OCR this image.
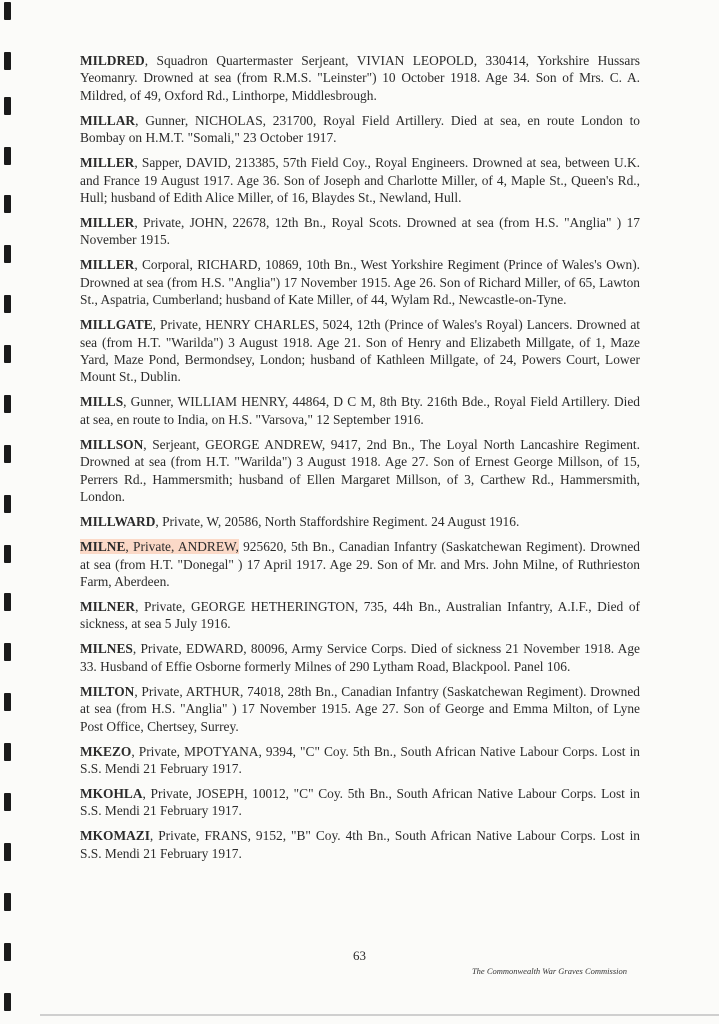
MILDRED, Squadron Quartermaster Serjeant, VIVIAN LEOPOLD, 330414, Yorkshire Hussars Yeomanry. Drowned at sea (from R.M.S. "Leinster") 10 October 1918. Age 34. Son of Mrs. C. A. Mildred, of 49, Oxford Rd., Linthorpe, Middlesbrough.

MILLAR, Gunner, NICHOLAS, 231700, Royal Field Artillery. Died at sea, en route London to Bombay on H.M.T. "Somali," 23 October 1917.

MILLER, Sapper, DAVID, 213385, 57th Field Coy., Royal Engineers. Drowned at sea, between U.K. and France 19 August 1917. Age 36. Son of Joseph and Charlotte Miller, of 4, Maple St., Queen's Rd., Hull; husband of Edith Alice Miller, of 16, Blaydes St., Newland, Hull.

MILLER, Private, JOHN, 22678, 12th Bn., Royal Scots. Drowned at sea (from H.S. "Anglia" ) 17 November 1915.

MILLER, Corporal, RICHARD, 10869, 10th Bn., West Yorkshire Regiment (Prince of Wales's Own). Drowned at sea (from H.S. "Anglia") 17 November 1915. Age 26. Son of Richard Miller, of 65, Lawton St., Aspatria, Cumberland; husband of Kate Miller, of 44, Wylam Rd., Newcastle-on-Tyne.

MILLGATE, Private, HENRY CHARLES, 5024, 12th (Prince of Wales's Royal) Lancers. Drowned at sea (from H.T. "Warilda") 3 August 1918. Age 21. Son of Henry and Elizabeth Millgate, of 1, Maze Yard, Maze Pond, Bermondsey, London; husband of Kathleen Millgate, of 24, Powers Court, Lower Mount St., Dublin.

MILLS, Gunner, WILLIAM HENRY, 44864, D C M, 8th Bty. 216th Bde., Royal Field Artillery. Died at sea, en route to India, on H.S. "Varsova," 12 September 1916.

MILLSON, Serjeant, GEORGE ANDREW, 9417, 2nd Bn., The Loyal North Lancashire Regiment. Drowned at sea (from H.T. "Warilda") 3 August 1918. Age 27. Son of Ernest George Millson, of 15, Perrers Rd., Hammersmith; husband of Ellen Margaret Millson, of 3, Carthew Rd., Hammersmith, London.

MILLWARD, Private, W, 20586, North Staffordshire Regiment. 24 August 1916.

MILNE, Private, ANDREW, 925620, 5th Bn., Canadian Infantry (Saskatchewan Regiment). Drowned at sea (from H.T. "Donegal" ) 17 April 1917. Age 29. Son of Mr. and Mrs. John Milne, of Ruthrieston Farm, Aberdeen.

MILNER, Private, GEORGE HETHERINGTON, 735, 44h Bn., Australian Infantry, A.I.F., Died of sickness, at sea 5 July 1916.

MILNES, Private, EDWARD, 80096, Army Service Corps. Died of sickness 21 November 1918. Age 33. Husband of Effie Osborne formerly Milnes of 290 Lytham Road, Blackpool. Panel 106.

MILTON, Private, ARTHUR, 74018, 28th Bn., Canadian Infantry (Saskatchewan Regiment). Drowned at sea (from H.S. "Anglia" ) 17 November 1915. Age 27. Son of George and Emma Milton, of Lyne Post Office, Chertsey, Surrey.

MKEZO, Private, MPOTYANA, 9394, "C" Coy. 5th Bn., South African Native Labour Corps. Lost in S.S. Mendi 21 February 1917.

MKOHLA, Private, JOSEPH, 10012, "C" Coy. 5th Bn., South African Native Labour Corps. Lost in S.S. Mendi 21 February 1917.

MKOMAZI, Private, FRANS, 9152, "B" Coy. 4th Bn., South African Native Labour Corps. Lost in S.S. Mendi 21 February 1917.

63
The Commonwealth War Graves Commission
